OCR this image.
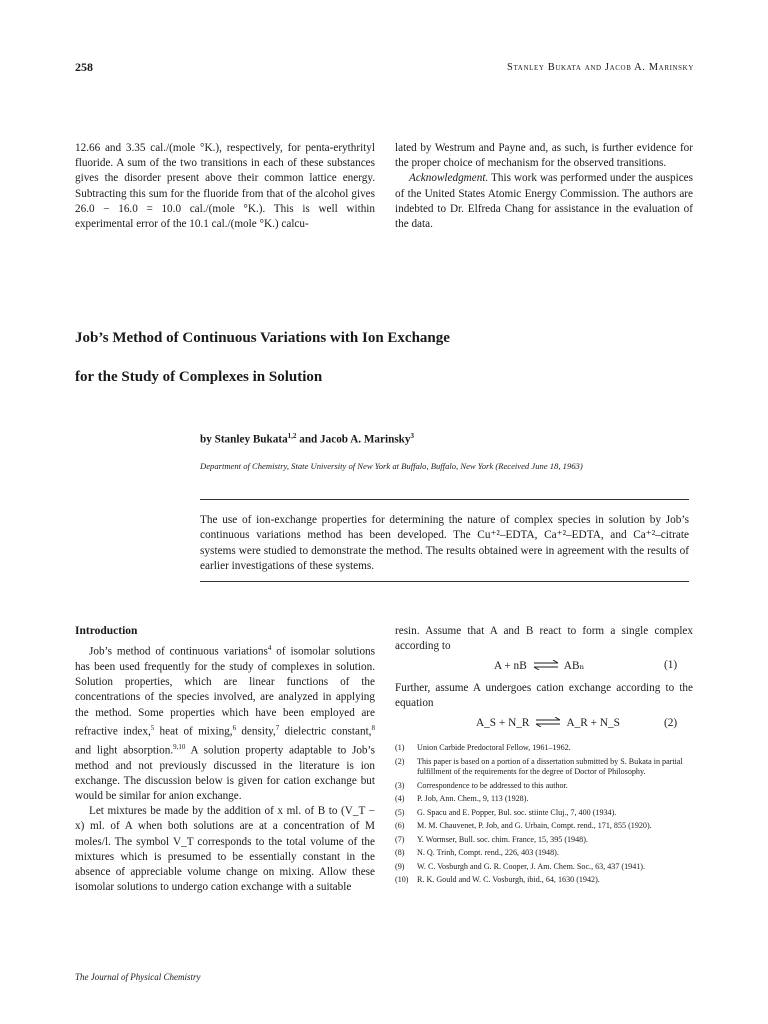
258	Stanley Bukata and Jacob A. Marinsky

12.66 and 3.35 cal./(mole °K.), respectively, for penta-erythrityl fluoride. A sum of the two transitions in each of these substances gives the disorder present above their common lattice energy. Subtracting this sum for the fluoride from that of the alcohol gives 26.0 − 16.0 = 10.0 cal./(mole °K.). This is well within experimental error of the 10.1 cal./(mole °K.) calcu-

lated by Westrum and Payne and, as such, is further evidence for the proper choice of mechanism for the observed transitions.

Acknowledgment. This work was performed under the auspices of the United States Atomic Energy Commission. The authors are indebted to Dr. Elfreda Chang for assistance in the evaluation of the data.

Job’s Method of Continuous Variations with Ion Exchange
for the Study of Complexes in Solution
by Stanley Bukata$^{1,2}$ and Jacob A. Marinsky$^3$
Department of Chemistry, State University of New York at Buffalo, Buffalo, New York (Received June 18, 1963)
The use of ion-exchange properties for determining the nature of complex species in solution by Job’s continuous variations method has been developed. The Cu⁺²–EDTA, Ca⁺²–EDTA, and Ca⁺²–citrate systems were studied to demonstrate the method. The results obtained were in agreement with the results of earlier investigations of these systems.
Introduction

Job’s method of continuous variations$^4$ of isomolar solutions has been used frequently for the study of complexes in solution. Solution properties, which are linear functions of the concentrations of the species involved, are analyzed in applying the method. Some properties which have been employed are refractive index,$^5$ heat of mixing,$^6$ density,$^7$ dielectric constant,$^8$ and light absorption.$^{9,10}$ A solution property adaptable to Job’s method and not previously discussed in the literature is ion exchange. The discussion below is given for cation exchange but would be similar for anion exchange.

Let mixtures be made by the addition of x ml. of B to (V_T − x) ml. of A when both solutions are at a concentration of M moles/l. The symbol V_T corresponds to the total volume of the mixtures which is presumed to be essentially constant in the absence of appreciable volume change on mixing. Allow these isomolar solutions to undergo cation exchange with a suitable

resin. Assume that A and B react to form a single complex according to

A + nB ⇌ ABₙ	(1)

Further, assume A undergoes cation exchange according to the equation

A_S + N_R ⇌ A_R + N_S	(2)
(1)	Union Carbide Predoctoral Fellow, 1961–1962.
(2)	This paper is based on a portion of a dissertation submitted by S. Bukata in partial fulfillment of the requirements for the degree of Doctor of Philosophy.
(3)	Correspondence to be addressed to this author.
(4)	P. Job, Ann. Chem., 9, 113 (1928).
(5)	G. Spacu and E. Popper, Bul. soc. stiinte Cluj., 7, 400 (1934).
(6)	M. M. Chauvenet, P. Job, and G. Urbain, Compt. rend., 171, 855 (1920).
(7)	Y. Wormser, Bull. soc. chim. France, 15, 395 (1948).
(8)	N. Q. Trinh, Compt. rend., 226, 403 (1948).
(9)	W. C. Vosburgh and G. R. Cooper, J. Am. Chem. Soc., 63, 437 (1941).
(10)	R. K. Gould and W. C. Vosburgh, ibid., 64, 1630 (1942).
The Journal of Physical Chemistry
